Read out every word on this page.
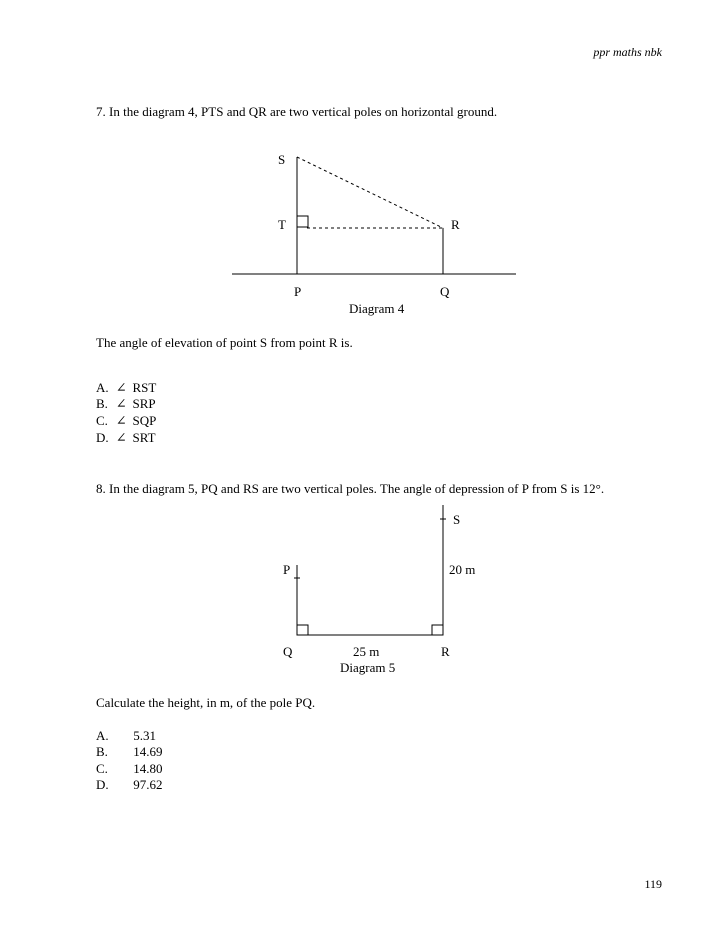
ppr maths nbk
7. In the diagram 4, PTS and QR are two vertical poles on horizontal ground.
S
T	R
P	Q
Diagram 4
S
P	20 m
Q	25 m	R
Diagram 5
The angle of elevation of point S from point R is.
A. ∠ RST
B. ∠ SRP
C. ∠ SQP
D. ∠ SRT
8. In the diagram 5, PQ and RS are two vertical poles. The angle of depression of P from S is 12°.
Calculate the height, in m, of the pole PQ.
A. 5.31
B. 14.69
C. 14.80
D. 97.62
119
